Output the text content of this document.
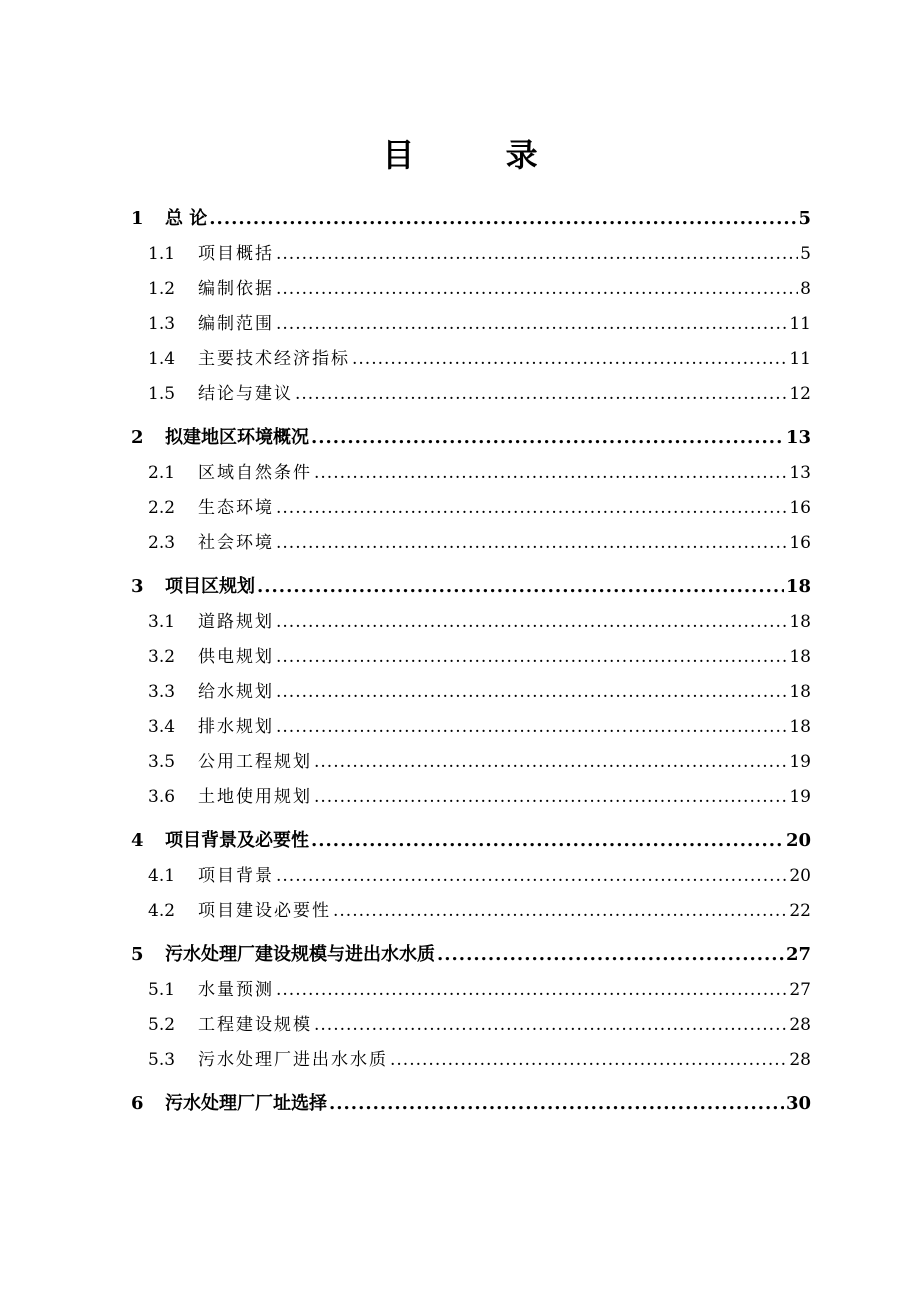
目 录
1	总 论 .....	5
1.1	项目概括 .....	5
1.2	编制依据 .....	8
1.3	编制范围 .....	11
1.4	主要技术经济指标 .....	11
1.5	结论与建议 .....	12
2	拟建地区环境概况 .....	13
2.1	区域自然条件 .....	13
2.2	生态环境 .....	16
2.3	社会环境 .....	16
3	项目区规划 .....	18
3.1	道路规划 .....	18
3.2	供电规划 .....	18
3.3	给水规划 .....	18
3.4	排水规划 .....	18
3.5	公用工程规划 .....	19
3.6	土地使用规划 .....	19
4	项目背景及必要性 .....	20
4.1	项目背景 .....	20
4.2	项目建设必要性 .....	22
5	污水处理厂建设规模与进出水水质 .....	27
5.1	水量预测 .....	27
5.2	工程建设规模 .....	28
5.3	污水处理厂进出水水质 .....	28
6	污水处理厂厂址选择 .....	30
